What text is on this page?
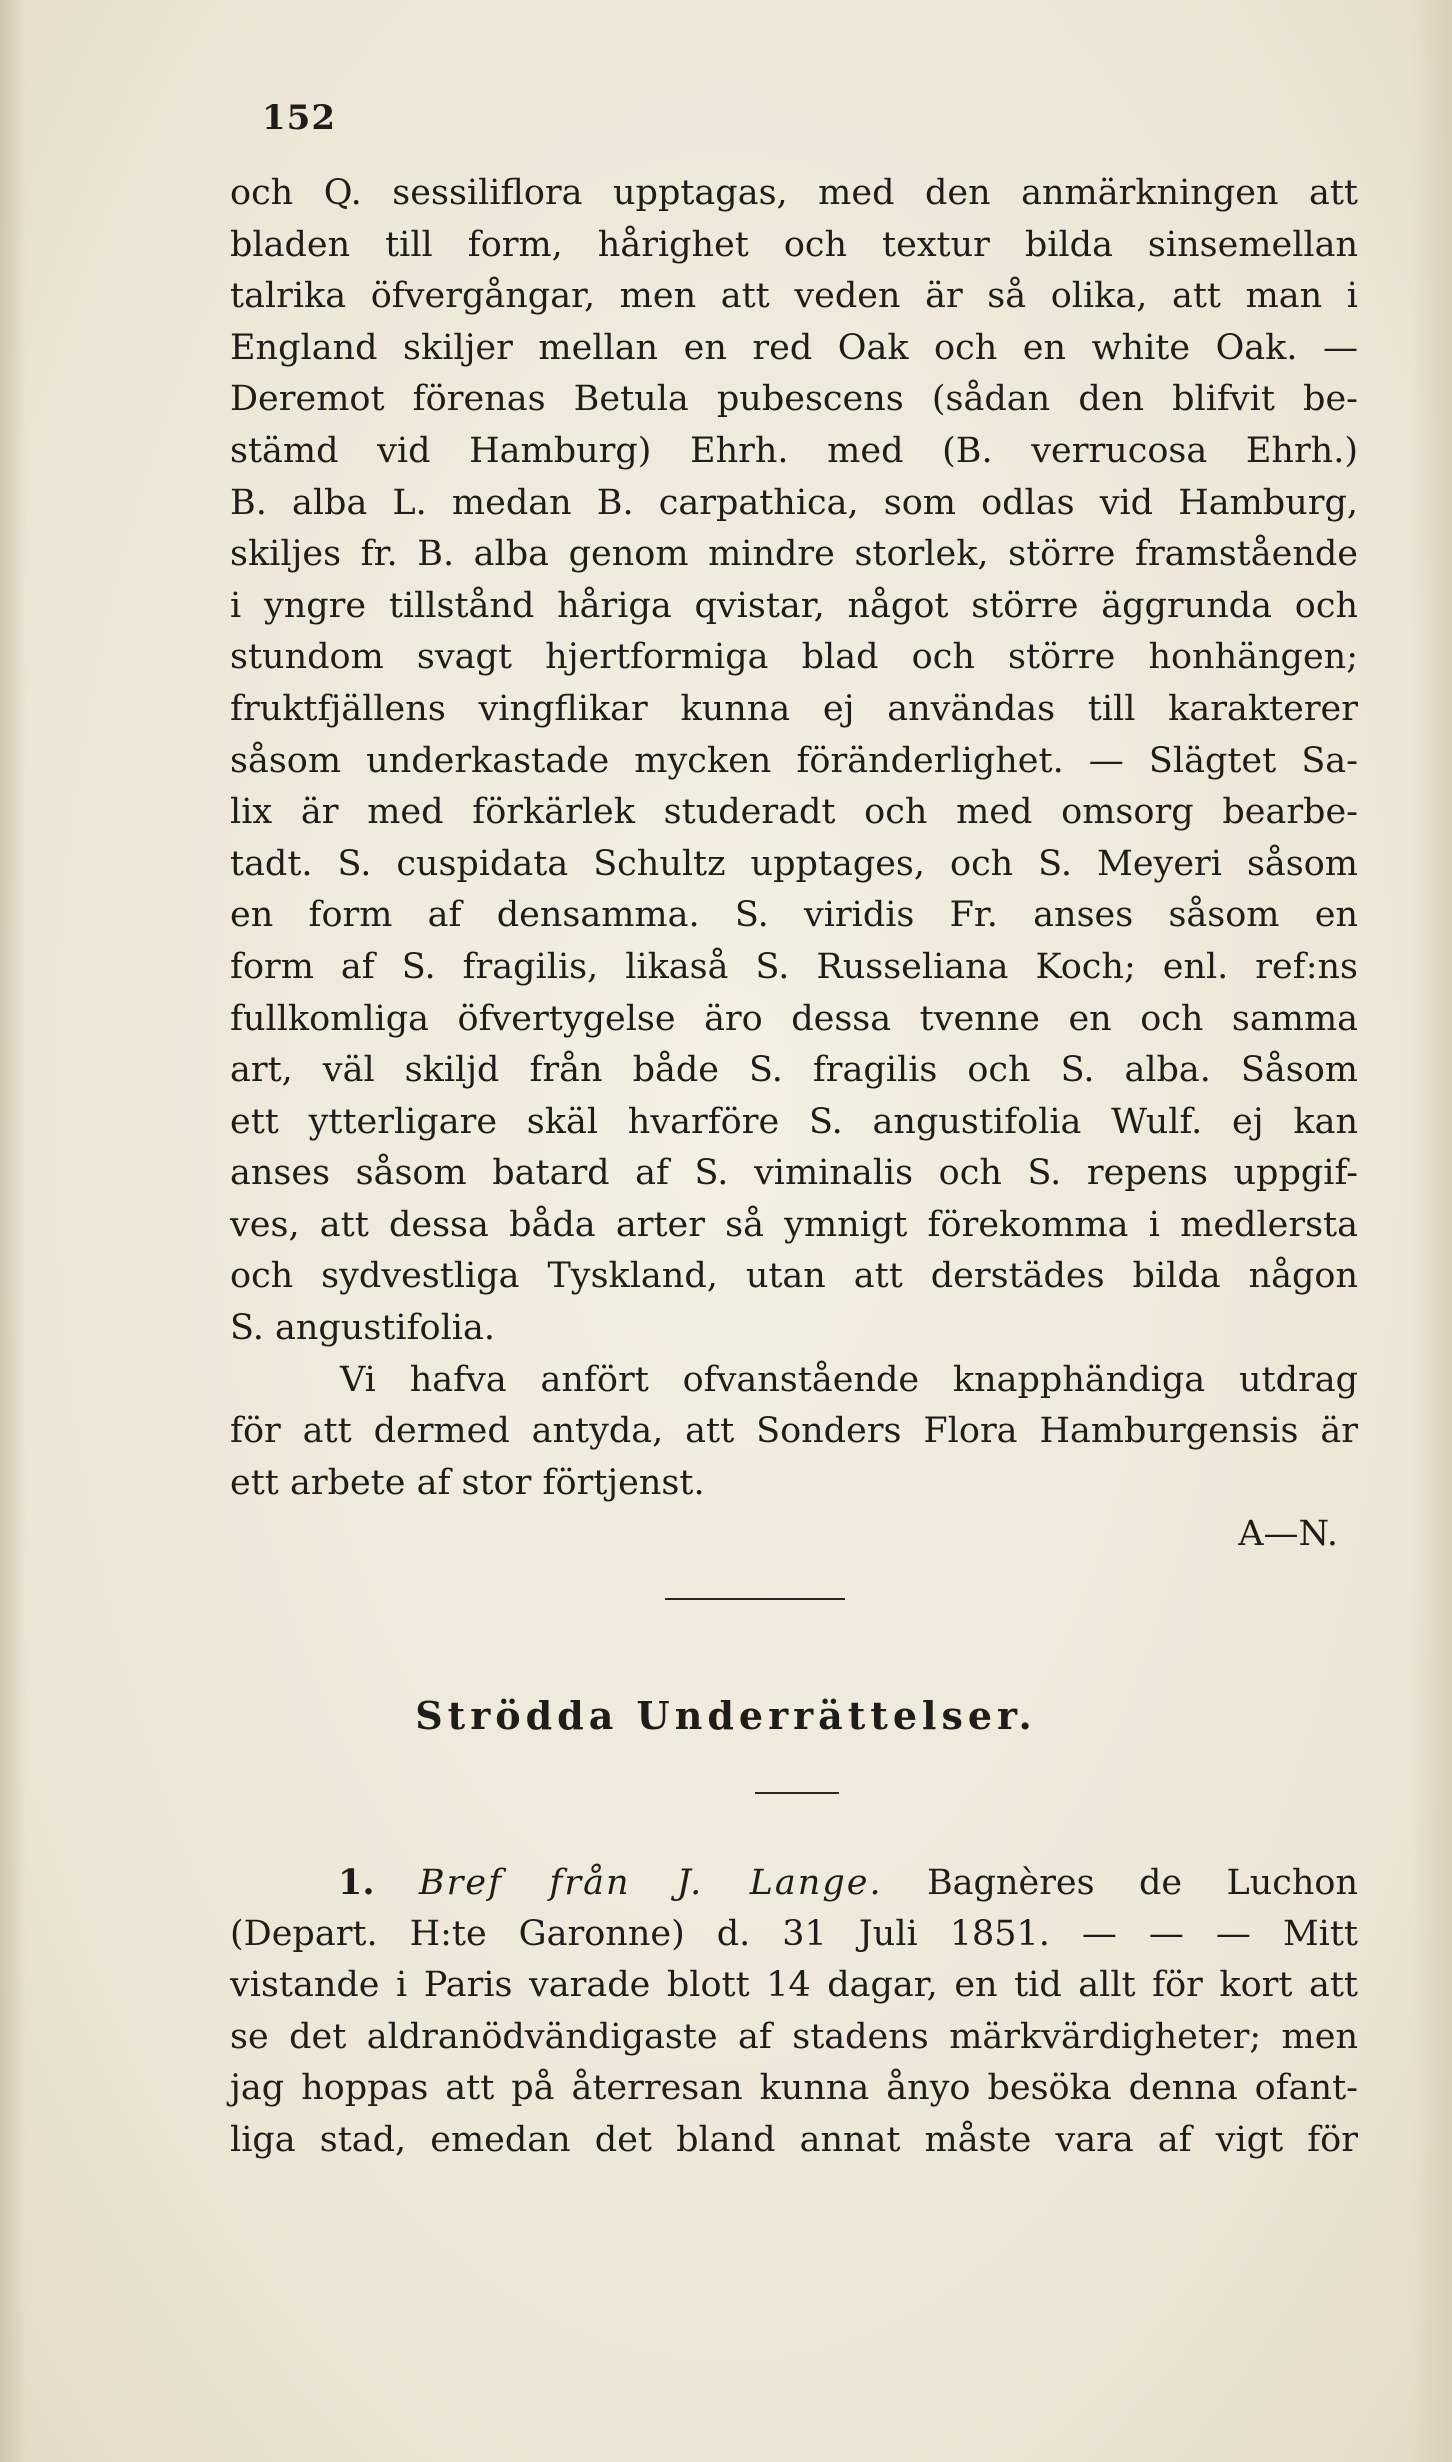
152
och Q. sessiliflora upptagas, med den anmärkningen att
bladen till form, hårighet och textur bilda sinsemellan
talrika öfvergångar, men att veden är så olika, att man i
England skiljer mellan en red Oak och en white Oak. —
Deremot förenas Betula pubescens (sådan den blifvit be-
stämd vid Hamburg) Ehrh. med (B. verrucosa Ehrh.)
B. alba L. medan B. carpathica, som odlas vid Hamburg,
skiljes fr. B. alba genom mindre storlek, större framstående
i yngre tillstånd håriga qvistar, något större äggrunda och
stundom svagt hjertformiga blad och större honhängen;
fruktfjällens vingflikar kunna ej användas till karakterer
såsom underkastade mycken föränderlighet. — Slägtet Sa-
lix är med förkärlek studeradt och med omsorg bearbe-
tadt. S. cuspidata Schultz upptages, och S. Meyeri såsom
en form af densamma. S. viridis Fr. anses såsom en
form af S. fragilis, likaså S. Russeliana Koch; enl. ref:ns
fullkomliga öfvertygelse äro dessa tvenne en och samma
art, väl skiljd från både S. fragilis och S. alba. Såsom
ett ytterligare skäl hvarföre S. angustifolia Wulf. ej kan
anses såsom batard af S. viminalis och S. repens uppgif-
ves, att dessa båda arter så ymnigt förekomma i medlersta
och sydvestliga Tyskland, utan att derstädes bilda någon
S. angustifolia.
Vi hafva anfört ofvanstående knapphändiga utdrag
för att dermed antyda, att Sonders Flora Hamburgensis är
ett arbete af stor förtjenst.
A—N.
Strödda Underrättelser.
1. Bref från J. Lange. Bagnères de Luchon
(Depart. H:te Garonne) d. 31 Juli 1851. — — — Mitt
vistande i Paris varade blott 14 dagar, en tid allt för kort att
se det aldranödvändigaste af stadens märkvärdigheter; men
jag hoppas att på återresan kunna ånyo besöka denna ofant-
liga stad, emedan det bland annat måste vara af vigt för
